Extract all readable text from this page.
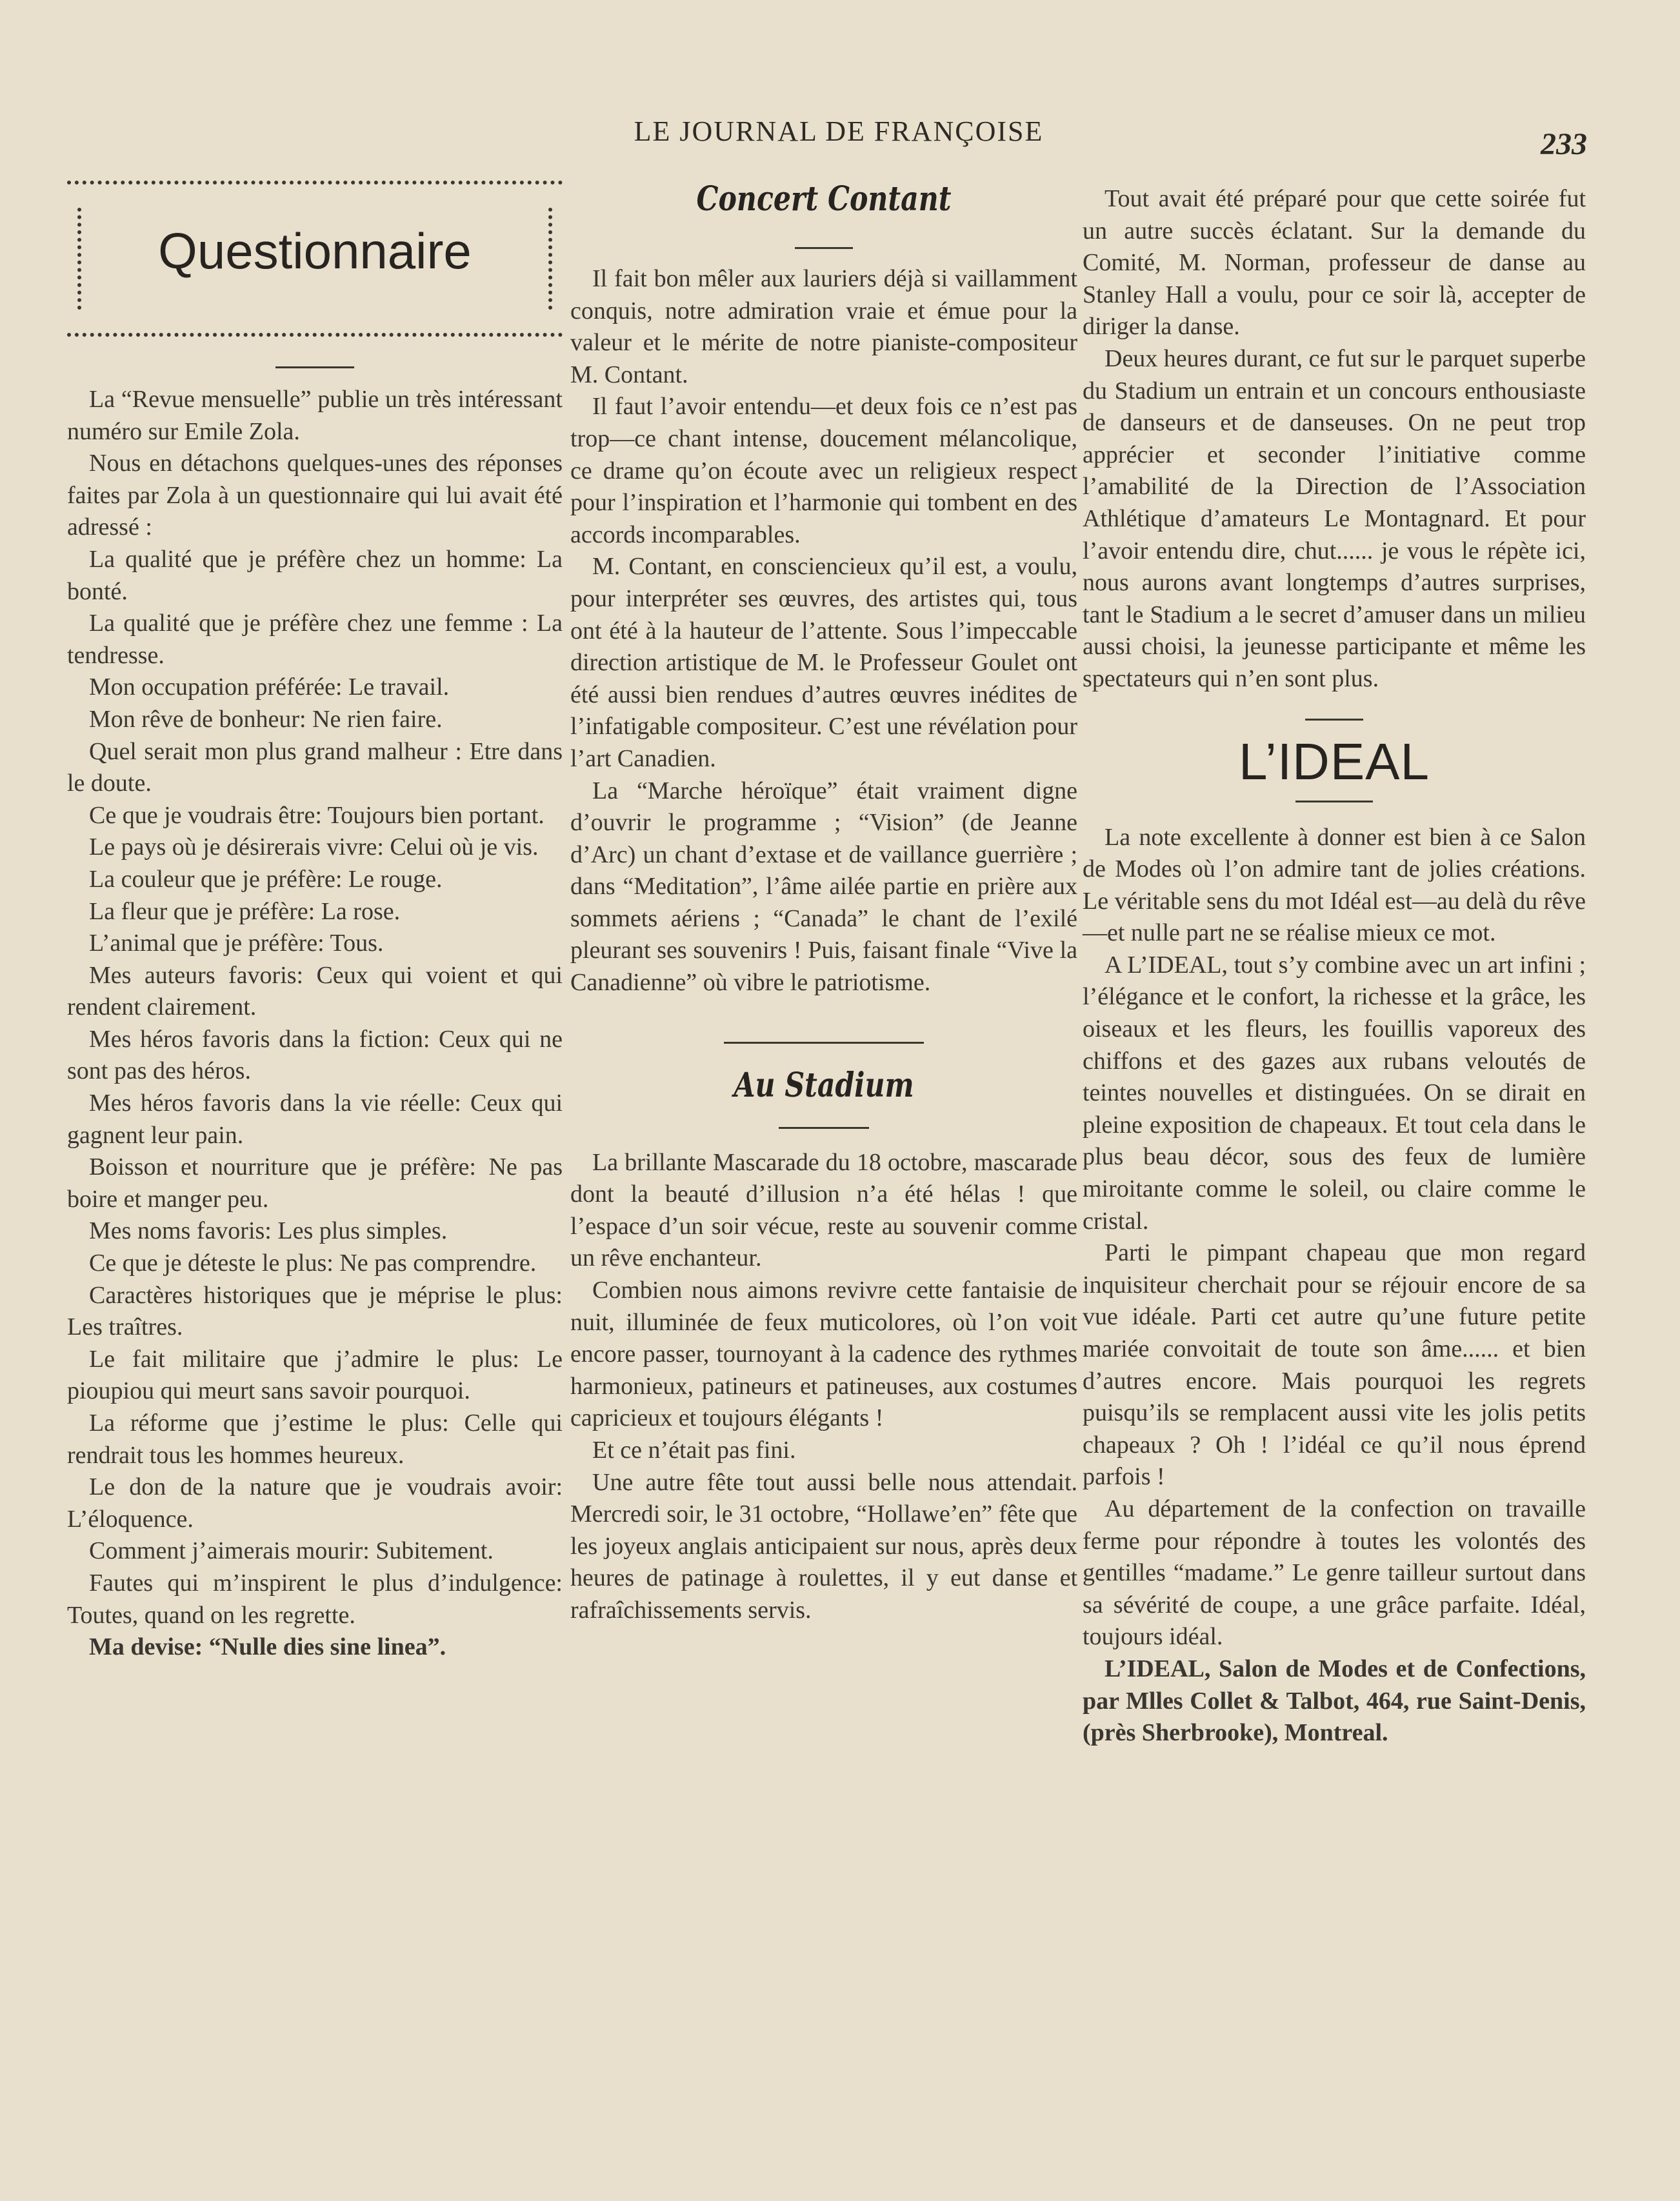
LE JOURNAL DE FRANÇOISE	233
Questionnaire

La “Revue mensuelle” publie un très intéressant numéro sur Emile Zola.

Nous en détachons quelques-unes des réponses faites par Zola à un questionnaire qui lui avait été adressé :

La qualité que je préfère chez un homme: La bonté.

La qualité que je préfère chez une femme : La tendresse.

Mon occupation préférée: Le travail.

Mon rêve de bonheur: Ne rien faire.

Quel serait mon plus grand malheur : Etre dans le doute.

Ce que je voudrais être: Toujours bien portant.

Le pays où je désirerais vivre: Celui où je vis.

La couleur que je préfère: Le rouge.

La fleur que je préfère: La rose.

L’animal que je préfère: Tous.

Mes auteurs favoris: Ceux qui voient et qui rendent clairement.

Mes héros favoris dans la fiction: Ceux qui ne sont pas des héros.

Mes héros favoris dans la vie réelle: Ceux qui gagnent leur pain.

Boisson et nourriture que je préfère: Ne pas boire et manger peu.

Mes noms favoris: Les plus simples.

Ce que je déteste le plus: Ne pas comprendre.

Caractères historiques que je méprise le plus: Les traîtres.

Le fait militaire que j’admire le plus: Le pioupiou qui meurt sans savoir pourquoi.

La réforme que j’estime le plus: Celle qui rendrait tous les hommes heureux.

Le don de la nature que je voudrais avoir: L’éloquence.

Comment j’aimerais mourir: Subitement.

Fautes qui m’inspirent le plus d’indulgence: Toutes, quand on les regrette.

Ma devise: “Nulle dies sine linea”.

Concert Contant

Il fait bon mêler aux lauriers déjà si vaillamment conquis, notre admiration vraie et émue pour la valeur et le mérite de notre pianiste-compositeur M. Contant.

Il faut l’avoir entendu—et deux fois ce n’est pas trop—ce chant intense, doucement mélancolique, ce drame qu’on écoute avec un religieux respect pour l’inspiration et l’harmonie qui tombent en des accords incomparables.

M. Contant, en consciencieux qu’il est, a voulu, pour interpréter ses œuvres, des artistes qui, tous ont été à la hauteur de l’attente. Sous l’impeccable direction artistique de M. le Professeur Goulet ont été aussi bien rendues d’autres œuvres inédites de l’infatigable compositeur. C’est une révélation pour l’art Canadien.

La “Marche héroïque” était vraiment digne d’ouvrir le programme ; “Vision” (de Jeanne d’Arc) un chant d’extase et de vaillance guerrière ; dans “Meditation”, l’âme ailée partie en prière aux sommets aériens ; “Canada” le chant de l’exilé pleurant ses souvenirs ! Puis, faisant finale “Vive la Canadienne” où vibre le patriotisme.

Au Stadium

La brillante Mascarade du 18 octobre, mascarade dont la beauté d’illusion n’a été hélas ! que l’espace d’un soir vécue, reste au souvenir comme un rêve enchanteur.

Combien nous aimons revivre cette fantaisie de nuit, illuminée de feux muticolores, où l’on voit encore passer, tournoyant à la cadence des rythmes harmonieux, patineurs et patineuses, aux costumes capricieux et toujours élégants !

Et ce n’était pas fini.

Une autre fête tout aussi belle nous attendait. Mercredi soir, le 31 octobre, “Hollawe’en” fête que les joyeux anglais anticipaient sur nous, après deux heures de patinage à roulettes, il y eut danse et rafraîchissements servis.

Tout avait été préparé pour que cette soirée fut un autre succès éclatant. Sur la demande du Comité, M. Norman, professeur de danse au Stanley Hall a voulu, pour ce soir là, accepter de diriger la danse.

Deux heures durant, ce fut sur le parquet superbe du Stadium un entrain et un concours enthousiaste de danseurs et de danseuses. On ne peut trop apprécier et seconder l’initiative comme l’amabilité de la Direction de l’Association Athlétique d’amateurs Le Montagnard. Et pour l’avoir entendu dire, chut...... je vous le répète ici, nous aurons avant longtemps d’autres surprises, tant le Stadium a le secret d’amuser dans un milieu aussi choisi, la jeunesse participante et même les spectateurs qui n’en sont plus.

L’IDEAL

La note excellente à donner est bien à ce Salon de Modes où l’on admire tant de jolies créations. Le véritable sens du mot Idéal est—au delà du rêve—et nulle part ne se réalise mieux ce mot.

A L’IDEAL, tout s’y combine avec un art infini ; l’élégance et le confort, la richesse et la grâce, les oiseaux et les fleurs, les fouillis vaporeux des chiffons et des gazes aux rubans veloutés de teintes nouvelles et distinguées. On se dirait en pleine exposition de chapeaux. Et tout cela dans le plus beau décor, sous des feux de lumière miroitante comme le soleil, ou claire comme le cristal.

Parti le pimpant chapeau que mon regard inquisiteur cherchait pour se réjouir encore de sa vue idéale. Parti cet autre qu’une future petite mariée convoitait de toute son âme...... et bien d’autres encore. Mais pourquoi les regrets puisqu’ils se remplacent aussi vite les jolis petits chapeaux ? Oh ! l’idéal ce qu’il nous éprend parfois !

Au département de la confection on travaille ferme pour répondre à toutes les volontés des gentilles “madame.” Le genre tailleur surtout dans sa sévérité de coupe, a une grâce parfaite. Idéal, toujours idéal.

L’IDEAL, Salon de Modes et de Confections, par Mlles Collet & Talbot, 464, rue Saint-Denis, (près Sherbrooke), Montreal.
